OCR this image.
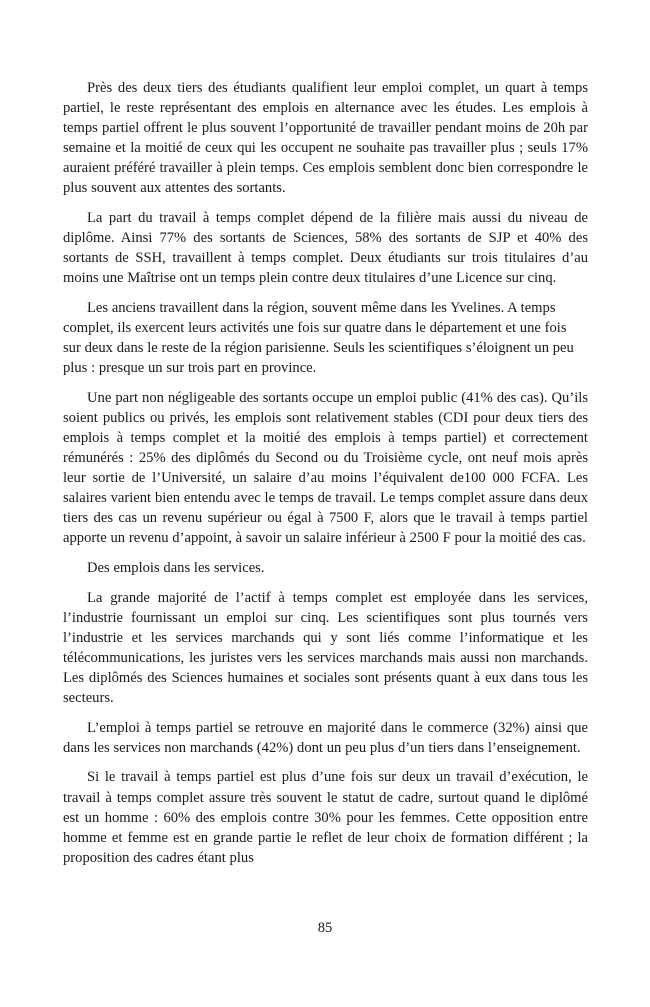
Près des deux tiers des étudiants qualifient leur emploi complet, un quart à temps partiel, le reste représentant des emplois en alternance avec les études. Les emplois à temps partiel offrent le plus souvent l’opportunité de travailler pendant moins de 20h par semaine et la moitié de ceux qui les occupent ne souhaite pas travailler plus ; seuls 17% auraient préféré travailler à plein temps. Ces emplois semblent donc bien correspondre le plus souvent aux attentes des sortants.

La part du travail à temps complet dépend de la filière mais aussi du niveau de diplôme. Ainsi 77% des sortants de Sciences, 58% des sortants de SJP et 40% des sortants de SSH, travaillent à temps complet. Deux étudiants sur trois titulaires d’au moins une Maîtrise ont un temps plein contre deux titulaires d’une Licence sur cinq.

Les anciens travaillent dans la région, souvent même dans les Yvelines. A temps complet, ils exercent leurs activités une fois sur quatre dans le département et une fois sur deux dans le reste de la région parisienne. Seuls les scientifiques s’éloignent un peu plus : presque un sur trois part en province.

Une part non négligeable des sortants occupe un emploi public (41% des cas). Qu’ils soient publics ou privés, les emplois sont relativement stables (CDI pour deux tiers des emplois à temps complet et la moitié des emplois à temps partiel) et correctement rémunérés : 25% des diplômés du Second ou du Troisième cycle, ont neuf mois après leur sortie de l’Université, un salaire d’au moins l’équivalent de100 000 FCFA. Les salaires varient bien entendu avec le temps de travail. Le temps complet assure dans deux tiers des cas un revenu supérieur ou égal à 7500 F, alors que le travail à temps partiel apporte un revenu d’appoint, à savoir un salaire inférieur à 2500 F pour la moitié des cas.

Des emplois dans les services.

La grande majorité de l’actif à temps complet est employée dans les services, l’industrie fournissant un emploi sur cinq. Les scientifiques sont plus tournés vers l’industrie et les services marchands qui y sont liés comme l’informatique et les télécommunications, les juristes vers les services marchands mais aussi non marchands. Les diplômés des Sciences humaines et sociales sont présents quant à eux dans tous les secteurs.

L’emploi à temps partiel se retrouve en majorité dans le commerce (32%) ainsi que dans les services non marchands (42%) dont un peu plus d’un tiers dans l’enseignement.

Si le travail à temps partiel est plus d’une fois sur deux un travail d’exécution, le travail à temps complet assure très souvent le statut de cadre, surtout quand le diplômé est un homme : 60% des emplois contre 30% pour les femmes. Cette opposition entre homme et femme est en grande partie le reflet de leur choix de formation différent ; la proposition des cadres étant plus

85
